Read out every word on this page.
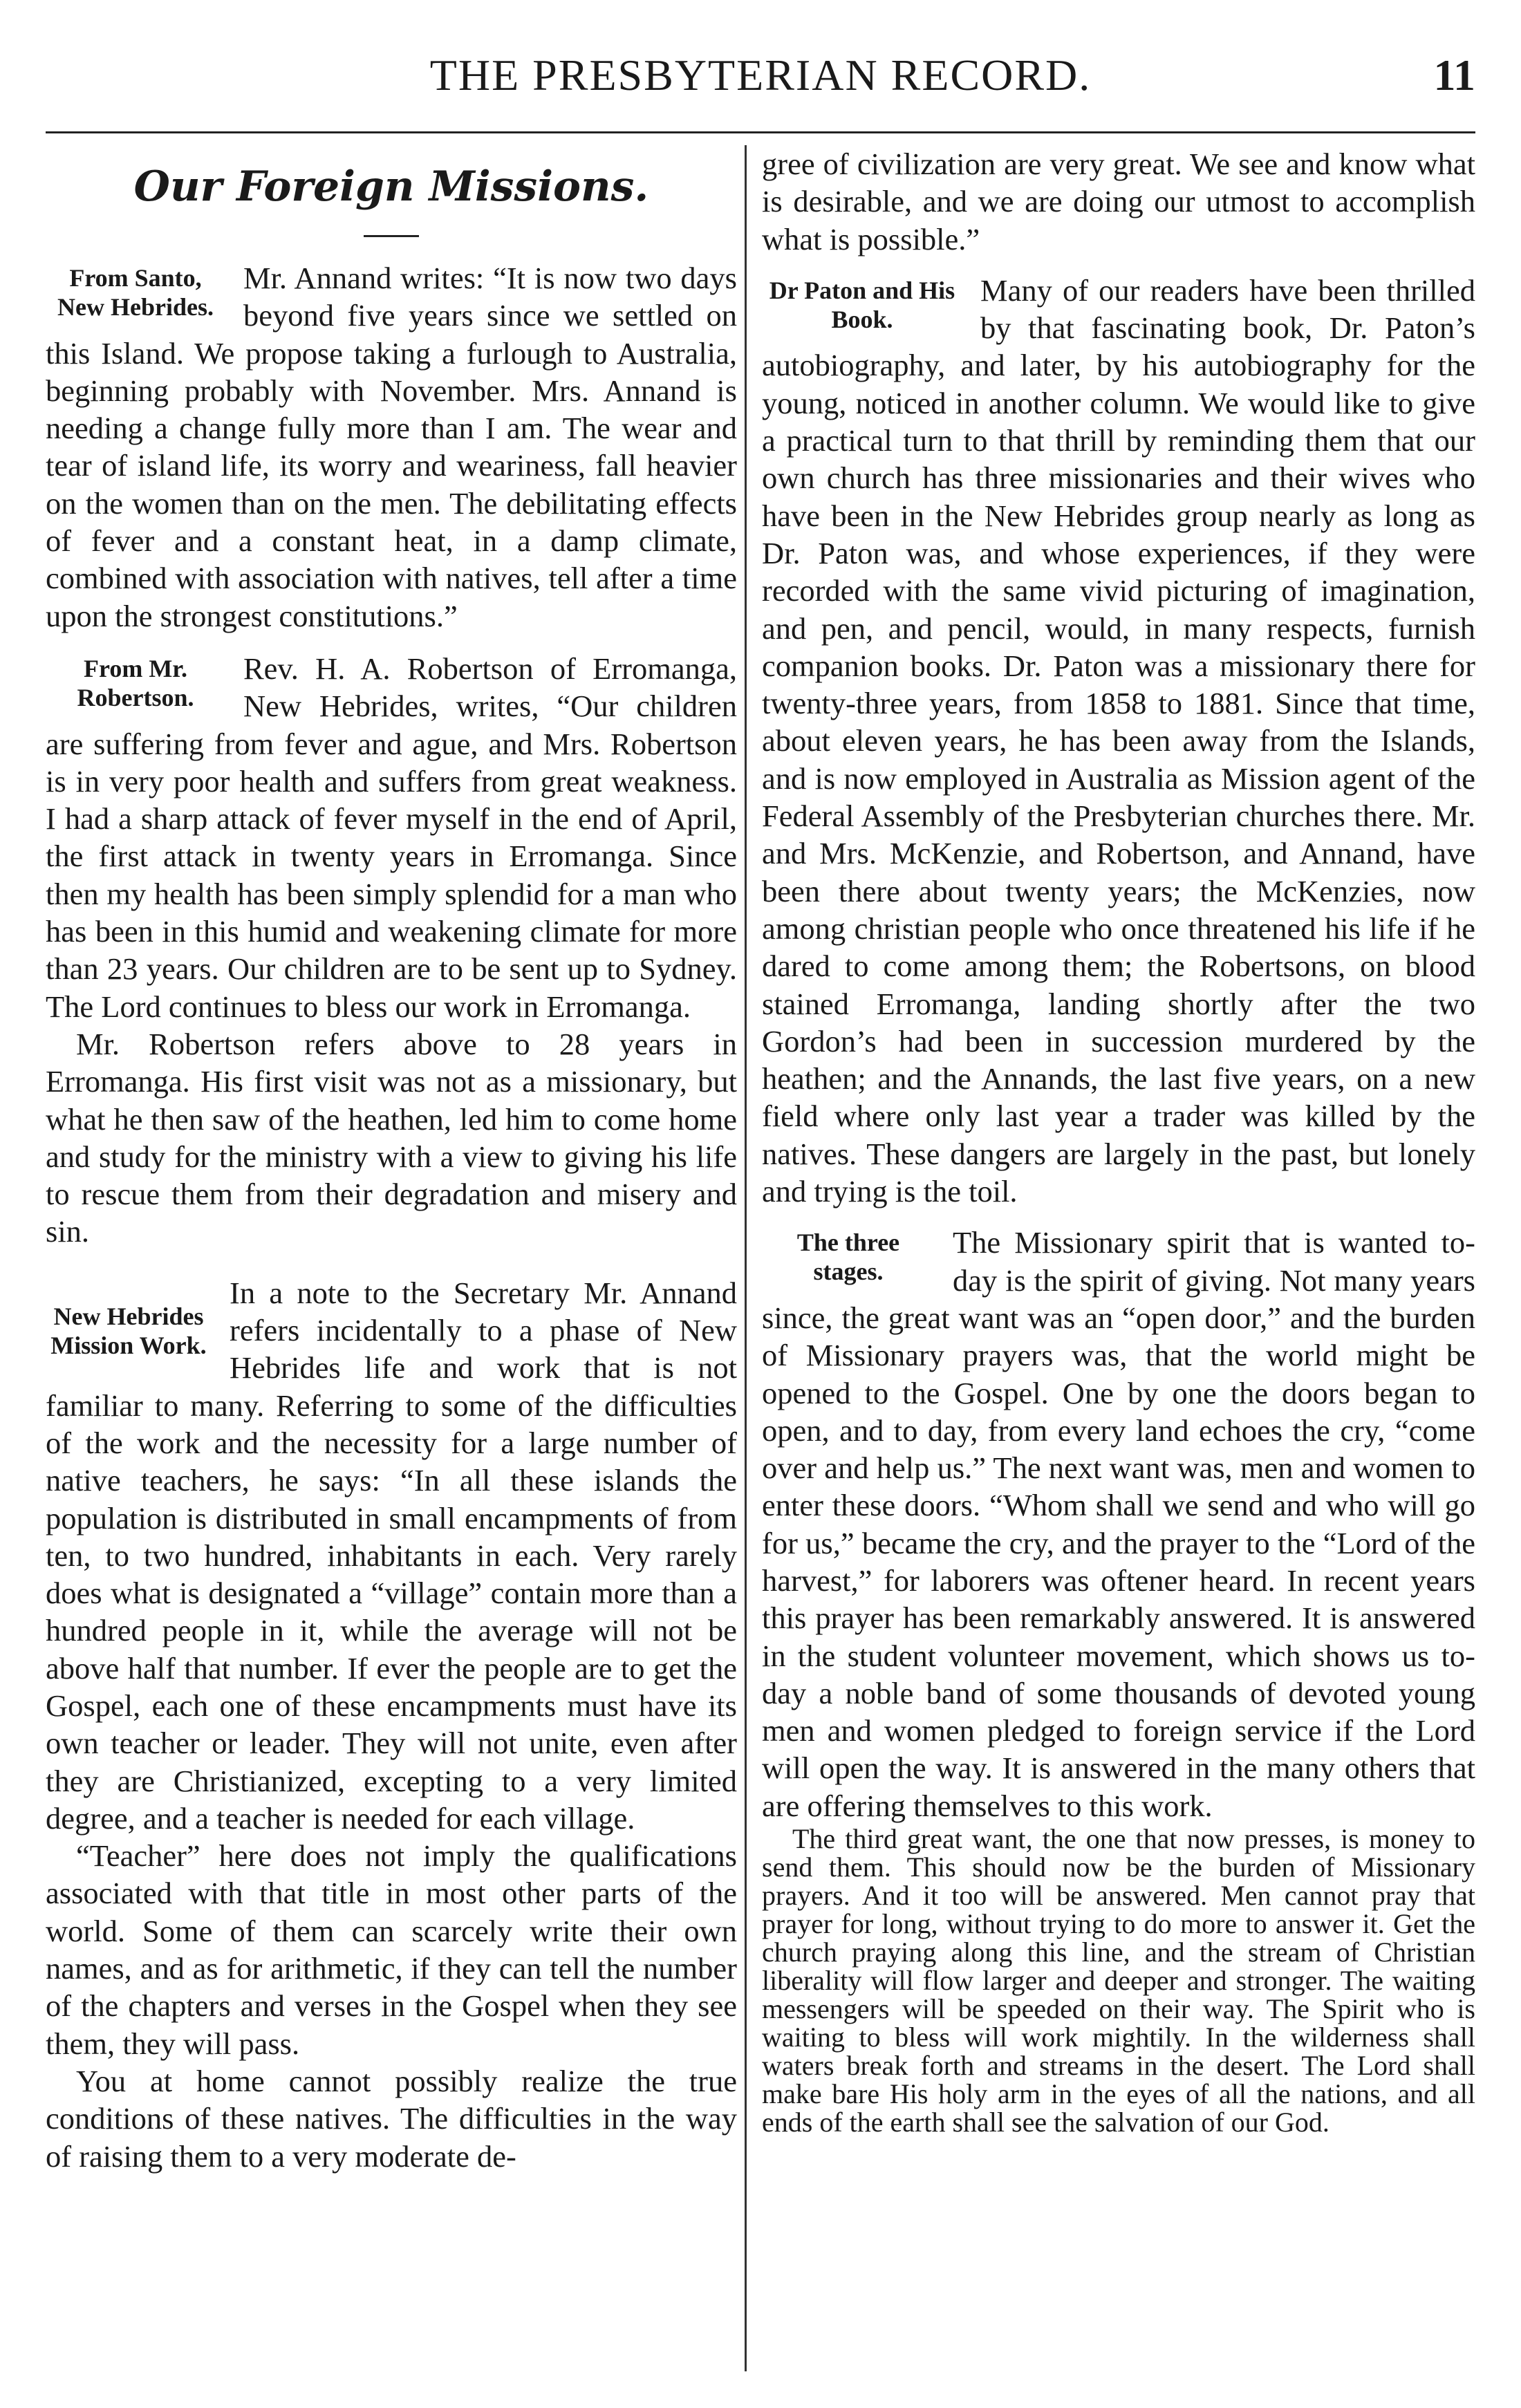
THE PRESBYTERIAN RECORD.	11
Our Foreign Missions.
From Santo, New Hebrides.

Mr. Annand writes: “It is now two days beyond five years since we settled on this Island. We propose taking a furlough to Australia, beginning probably with November. Mrs. Annand is needing a change fully more than I am. The wear and tear of island life, its worry and weariness, fall heavier on the women than on the men. The debilitating effects of fever and a constant heat, in a damp climate, combined with association with natives, tell after a time upon the strongest constitutions.”

From Mr. Robertson.

Rev. H. A. Robertson of Erromanga, New Hebrides, writes, “Our children are suffering from fever and ague, and Mrs. Robertson is in very poor health and suffers from great weakness. I had a sharp attack of fever myself in the end of April, the first attack in twenty years in Erromanga. Since then my health has been simply splendid for a man who has been in this humid and weakening climate for more than 23 years. Our children are to be sent up to Sydney. The Lord continues to bless our work in Erromanga.

Mr. Robertson refers above to 28 years in Erromanga. His first visit was not as a missionary, but what he then saw of the heathen, led him to come home and study for the ministry with a view to giving his life to rescue them from their degradation and misery and sin.

New Hebrides Mission Work.

In a note to the Secretary Mr. Annand refers incidentally to a phase of New Hebrides life and work that is not familiar to many. Referring to some of the difficulties of the work and the necessity for a large number of native teachers, he says: “In all these islands the population is distributed in small encampments of from ten, to two hundred, inhabitants in each. Very rarely does what is designated a “village” contain more than a hundred people in it, while the average will not be above half that number. If ever the people are to get the Gospel, each one of these encampments must have its own teacher or leader. They will not unite, even after they are Christianized, excepting to a very limited degree, and a teacher is needed for each village.

“Teacher” here does not imply the qualifications associated with that title in most other parts of the world. Some of them can scarcely write their own names, and as for arithmetic, if they can tell the number of the chapters and verses in the Gospel when they see them, they will pass.

You at home cannot possibly realize the true conditions of these natives. The difficulties in the way of raising them to a very moderate de-

gree of civilization are very great. We see and know what is desirable, and we are doing our utmost to accomplish what is possible.”

Dr Paton and His Book.

Many of our readers have been thrilled by that fascinating book, Dr. Paton’s autobiography, and later, by his autobiography for the young, noticed in another column. We would like to give a practical turn to that thrill by reminding them that our own church has three missionaries and their wives who have been in the New Hebrides group nearly as long as Dr. Paton was, and whose experiences, if they were recorded with the same vivid picturing of imagination, and pen, and pencil, would, in many respects, furnish companion books. Dr. Paton was a missionary there for twenty-three years, from 1858 to 1881. Since that time, about eleven years, he has been away from the Islands, and is now employed in Australia as Mission agent of the Federal Assembly of the Presbyterian churches there. Mr. and Mrs. McKenzie, and Robertson, and Annand, have been there about twenty years; the McKenzies, now among christian people who once threatened his life if he dared to come among them; the Robertsons, on blood stained Erromanga, landing shortly after the two Gordon’s had been in succession murdered by the heathen; and the Annands, the last five years, on a new field where only last year a trader was killed by the natives. These dangers are largely in the past, but lonely and trying is the toil.

The three stages.

The Missionary spirit that is wanted to-day is the spirit of giving. Not many years since, the great want was an “open door,” and the burden of Missionary prayers was, that the world might be opened to the Gospel. One by one the doors began to open, and to day, from every land echoes the cry, “come over and help us.” The next want was, men and women to enter these doors. “Whom shall we send and who will go for us,” became the cry, and the prayer to the “Lord of the harvest,” for laborers was oftener heard. In recent years this prayer has been remarkably answered. It is answered in the student volunteer movement, which shows us to-day a noble band of some thousands of devoted young men and women pledged to foreign service if the Lord will open the way. It is answered in the many others that are offering themselves to this work.

The third great want, the one that now presses, is money to send them. This should now be the burden of Missionary prayers. And it too will be answered. Men cannot pray that prayer for long, without trying to do more to answer it. Get the church praying along this line, and the stream of Christian liberality will flow larger and deeper and stronger. The waiting messengers will be speeded on their way. The Spirit who is waiting to bless will work mightily. In the wilderness shall waters break forth and streams in the desert. The Lord shall make bare His holy arm in the eyes of all the nations, and all ends of the earth shall see the salvation of our God.
